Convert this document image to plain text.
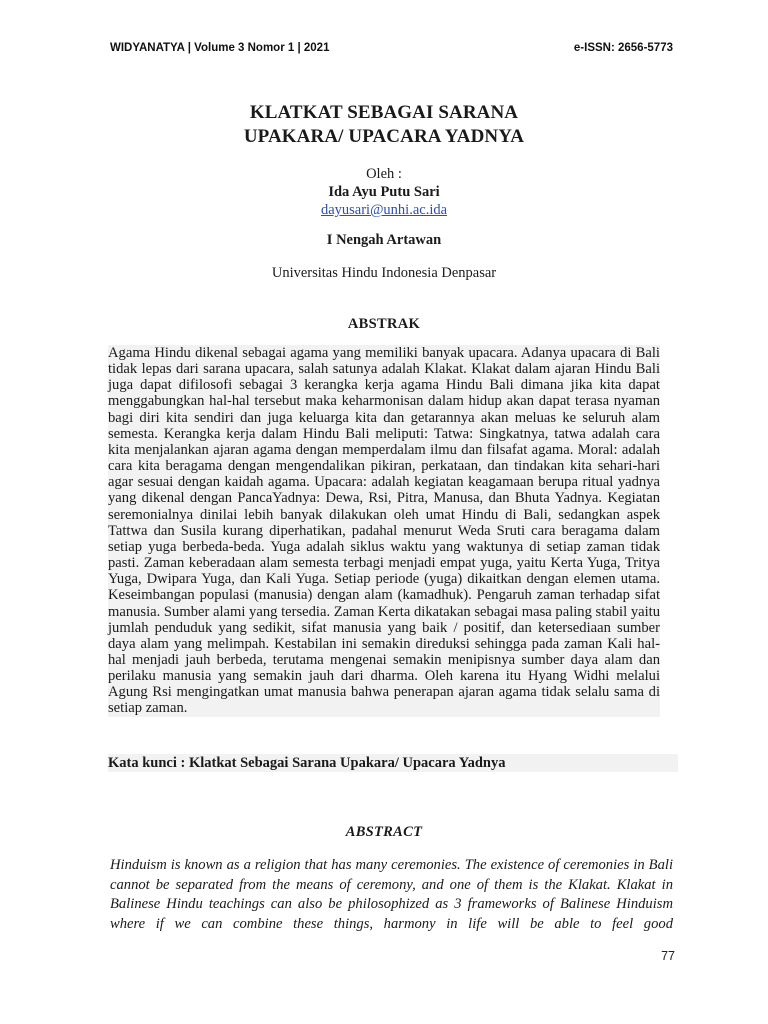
WIDYANATYA | Volume 3 Nomor 1 | 2021	e-ISSN: 2656-5773
KLATKAT SEBAGAI SARANA
UPAKARA/ UPACARA YADNYA
Oleh :
Ida Ayu Putu Sari
dayusari@unhi.ac.ida
I Nengah Artawan
Universitas Hindu Indonesia Denpasar
ABSTRAK
Agama Hindu dikenal sebagai agama yang memiliki banyak upacara. Adanya upacara di Bali tidak lepas dari sarana upacara, salah satunya adalah Klakat. Klakat dalam ajaran Hindu Bali juga dapat difilosofi sebagai 3 kerangka kerja agama Hindu Bali dimana jika kita dapat menggabungkan hal-hal tersebut maka keharmonisan dalam hidup akan dapat terasa nyaman bagi diri kita sendiri dan juga keluarga kita dan getarannya akan meluas ke seluruh alam semesta. Kerangka kerja dalam Hindu Bali meliputi: Tatwa: Singkatnya, tatwa adalah cara kita menjalankan ajaran agama dengan memperdalam ilmu dan filsafat agama. Moral: adalah cara kita beragama dengan mengendalikan pikiran, perkataan, dan tindakan kita sehari-hari agar sesuai dengan kaidah agama. Upacara: adalah kegiatan keagamaan berupa ritual yadnya yang dikenal dengan PancaYadnya: Dewa, Rsi, Pitra, Manusa, dan Bhuta Yadnya. Kegiatan seremonialnya dinilai lebih banyak dilakukan oleh umat Hindu di Bali, sedangkan aspek Tattwa dan Susila kurang diperhatikan, padahal menurut Weda Sruti cara beragama dalam setiap yuga berbeda-beda. Yuga adalah siklus waktu yang waktunya di setiap zaman tidak pasti. Zaman keberadaan alam semesta terbagi menjadi empat yuga, yaitu Kerta Yuga, Tritya Yuga, Dwipara Yuga, dan Kali Yuga. Setiap periode (yuga) dikaitkan dengan elemen utama. Keseimbangan populasi (manusia) dengan alam (kamadhuk). Pengaruh zaman terhadap sifat manusia. Sumber alami yang tersedia. Zaman Kerta dikatakan sebagai masa paling stabil yaitu jumlah penduduk yang sedikit, sifat manusia yang baik / positif, dan ketersediaan sumber daya alam yang melimpah. Kestabilan ini semakin direduksi sehingga pada zaman Kali hal-hal menjadi jauh berbeda, terutama mengenai semakin menipisnya sumber daya alam dan perilaku manusia yang semakin jauh dari dharma. Oleh karena itu Hyang Widhi melalui Agung Rsi mengingatkan umat manusia bahwa penerapan ajaran agama tidak selalu sama di setiap zaman.
Kata kunci : Klatkat Sebagai Sarana Upakara/ Upacara Yadnya
ABSTRACT
Hinduism is known as a religion that has many ceremonies. The existence of ceremonies in Bali cannot be separated from the means of ceremony, and one of them is the Klakat. Klakat in Balinese Hindu teachings can also be philosophized as 3 frameworks of Balinese Hinduism where if we can combine these things, harmony in life will be able to feel good
77
